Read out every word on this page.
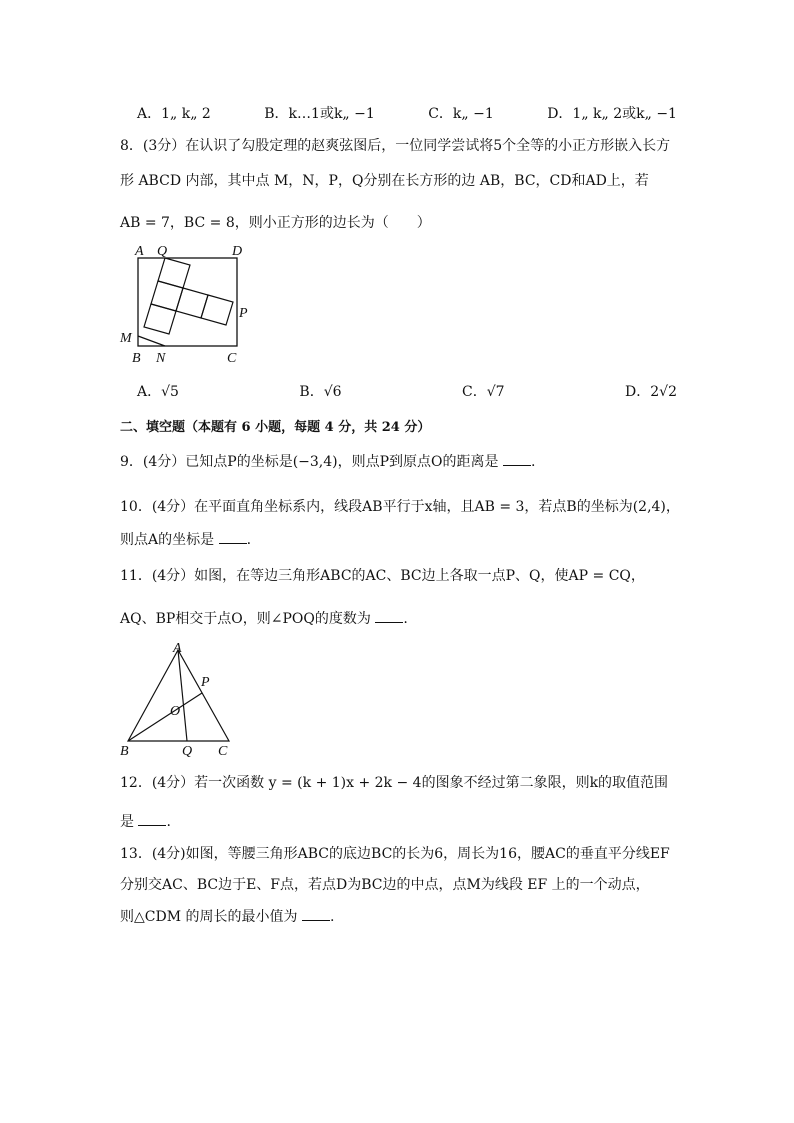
A．1„ k„ 2	B．k…1或k„ −1	C．k„ −1	D．1„ k„ 2或k„ −1
8．(3分）在认识了勾股定理的赵爽弦图后，一位同学尝试将5个全等的小正方形嵌入长方
形 ABCD 内部，其中点 M，N，P，Q分别在长方形的边 AB，BC，CD和AD上，若
AB = 7，BC = 8，则小正方形的边长为（　　）
A Q	D
P
M
B N	C
A．√5	B．√6	C．√7	D．2√2
二、填空题（本题有 6 小题，每题 4 分，共 24 分）
9．(4分）已知点P的坐标是(−3,4)，则点P到原点O的距离是 .
10．(4分）在平面直角坐标系内，线段AB平行于x轴，且AB = 3，若点B的坐标为(2,4)，
则点A的坐标是 .
11．(4分）如图，在等边三角形ABC的AC、BC边上各取一点P、Q，使AP = CQ，
AQ、BP相交于点O，则∠POQ的度数为 .
A
P
O
B	Q C
12．(4分）若一次函数 y = (k + 1)x + 2k − 4的图象不经过第二象限，则k的取值范围
是 .
13．(4分)如图，等腰三角形ABC的底边BC的长为6，周长为16，腰AC的垂直平分线EF
分别交AC、BC边于E、F点，若点D为BC边的中点，点M为线段 EF 上的一个动点，
则△CDM 的周长的最小值为 .
